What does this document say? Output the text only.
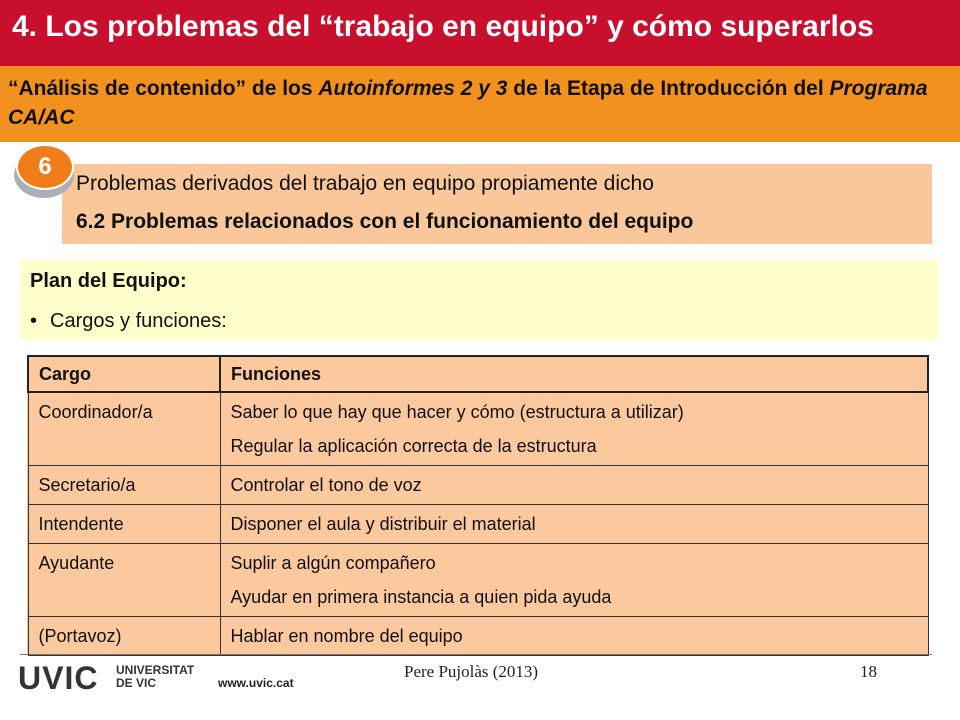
4. Los problemas del “trabajo en equipo” y cómo superarlos
“Análisis de contenido” de los Autoinformes 2 y 3 de la Etapa de Introducción del Programa CA/AC
Problemas derivados del trabajo en equipo propiamente dicho
6.2 Problemas relacionados con el funcionamiento del equipo
6
Plan del Equipo:
• Cargos y funciones:
Cargo	Funciones

Coordinador/a	Saber lo que hay que hacer y cómo (estructura a utilizar)
Regular la aplicación correcta de la estructura

Secretario/a	Controlar el tono de voz

Intendente	Disponer el aula y distribuir el material

Ayudante	Suplir a algún compañero
Ayudar en primera instancia a quien pida ayuda

(Portavoz)	Hablar en nombre del equipo
UVIC UNIVERSITAT
DE VIC	www.uvic.cat
Pere Pujolàs (2013)	18
